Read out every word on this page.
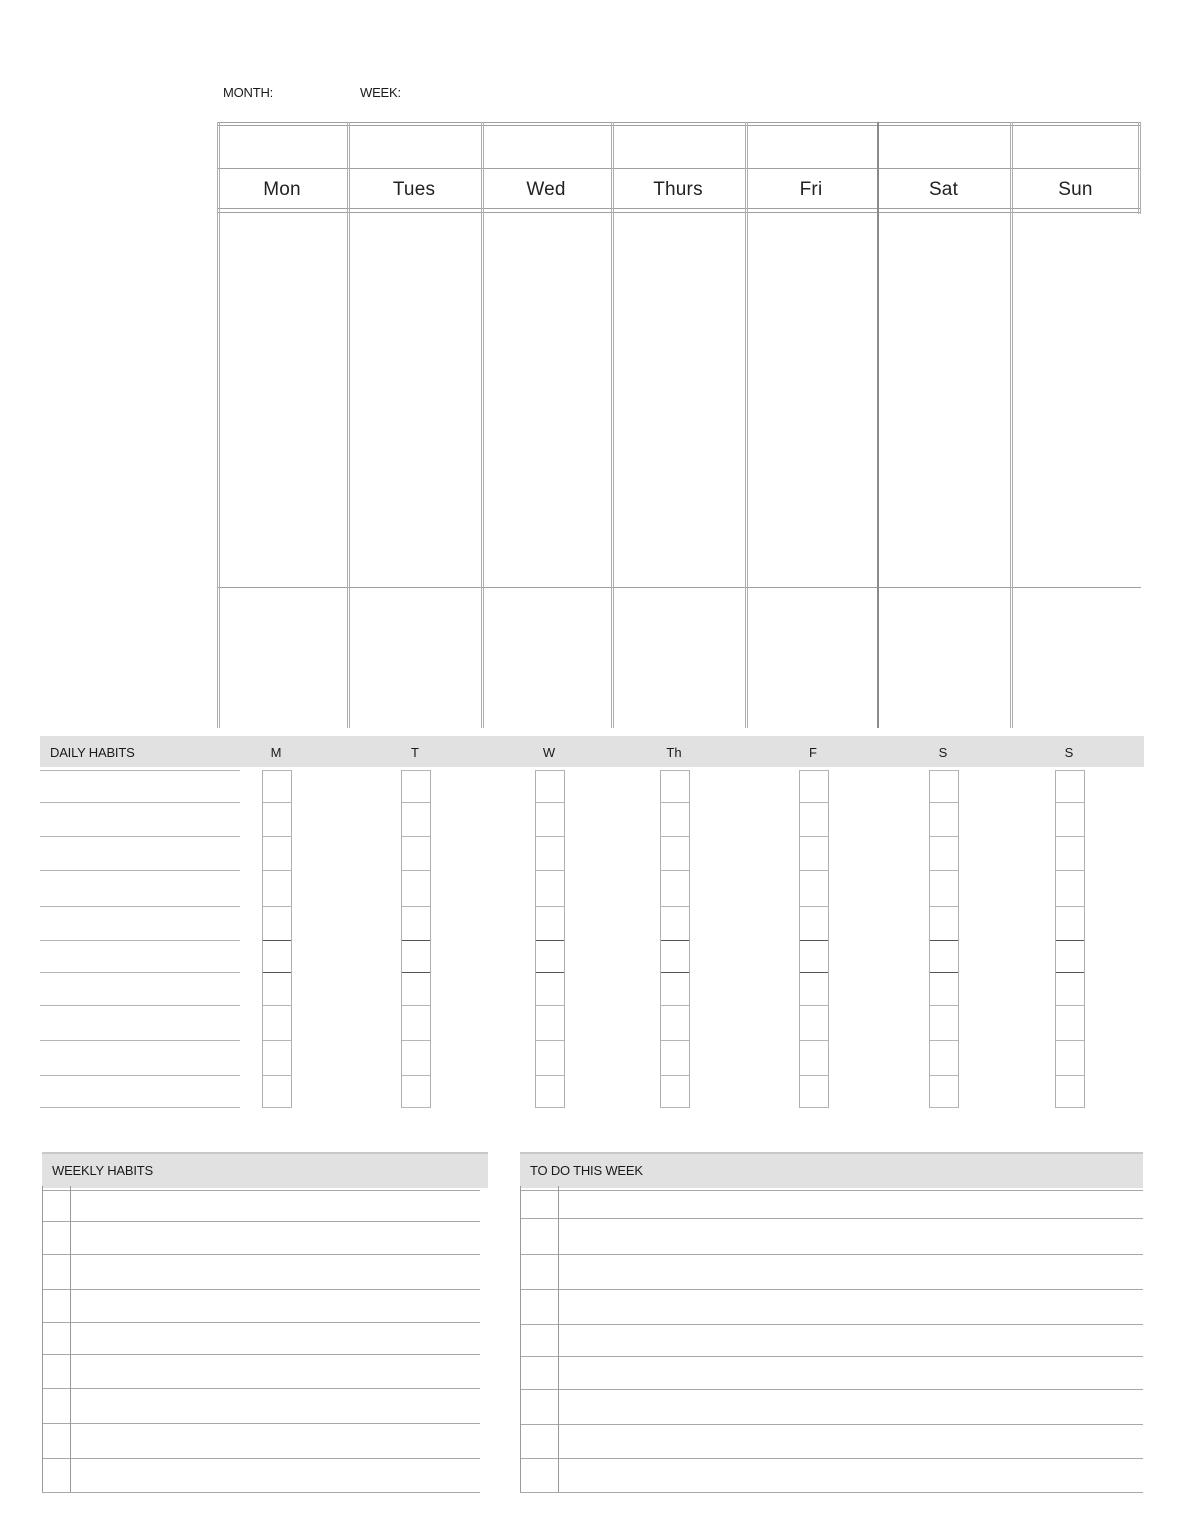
MONTH:	WEEK:
Mon	Tues	Wed	Thurs	Fri	Sat	Sun
DAILY HABITS	M	T	W	Th	F	S	S
WEEKLY HABITS	TO DO THIS WEEK
